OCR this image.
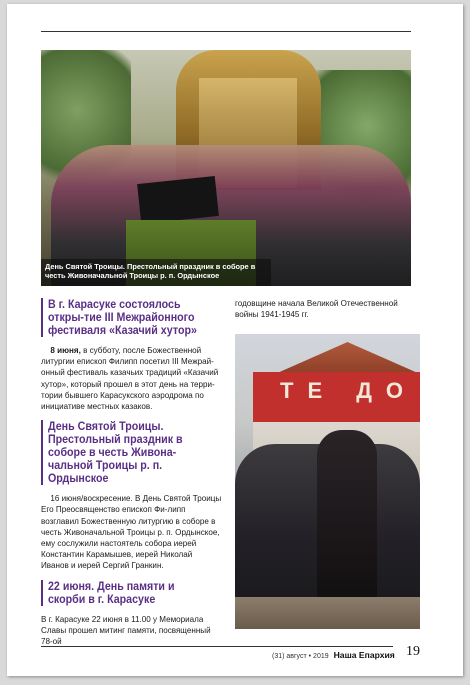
День Святой Троицы. Престольный праздник в соборе в честь Живоначальной Троицы р. п. Ордынское
В г. Карасуке состоялось откры-тие III Межрайонного фестиваля «Казачий хутор»

8 июня, в субботу, после Божественной литургии епископ Филипп посетил III Межрай-онный фестиваль казачьих традиций «Казачий хутор», который прошел в этот день на терри-тории бывшего Карасукского аэродрома по инициативе местных казаков.

День Святой Троицы. Престольный праздник в соборе в честь Живона-чальной Троицы р. п. Ордынское

16 июня/воскресение. В День Святой Троицы Его Преосвященство епископ Фи-липп возглавил Божественную литургию в соборе в честь Живоначальной Троицы р. п. Ордынское, ему сослужили настоятель собора иерей Константин Карамышев, иерей Николай Иванов и иерей Сергий Гранкин.

22 июня. День памяти и скорби в г. Карасуке

В г. Карасуке 22 июня в 11.00 у Мемориала Славы прошел митинг памяти, посвященный 78-ой

годовщине начала Великой Отечественной войны 1941-1945 гг.

ТЕ ДО
(31) август • 2019 Наша Епархия 19
